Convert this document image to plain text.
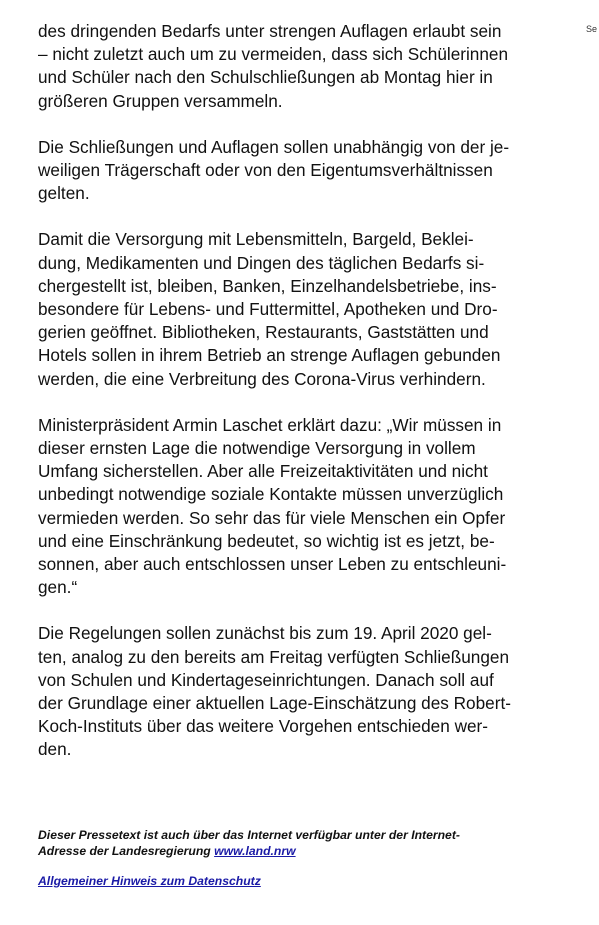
Se

des dringenden Bedarfs unter strengen Auflagen erlaubt sein
– nicht zuletzt auch um zu vermeiden, dass sich Schülerinnen
und Schüler nach den Schulschließungen ab Montag hier in
größeren Gruppen versammeln.

Die Schließungen und Auflagen sollen unabhängig von der je-
weiligen Trägerschaft oder von den Eigentumsverhältnissen
gelten.

Damit die Versorgung mit Lebensmitteln, Bargeld, Beklei-
dung, Medikamenten und Dingen des täglichen Bedarfs si-
chergestellt ist, bleiben, Banken, Einzelhandelsbetriebe, ins-
besondere für Lebens- und Futtermittel, Apotheken und Dro-
gerien geöffnet. Bibliotheken, Restaurants, Gaststätten und
Hotels sollen in ihrem Betrieb an strenge Auflagen gebunden
werden, die eine Verbreitung des Corona-Virus verhindern.

Ministerpräsident Armin Laschet erklärt dazu: „Wir müssen in
dieser ernsten Lage die notwendige Versorgung in vollem
Umfang sicherstellen. Aber alle Freizeitaktivitäten und nicht
unbedingt notwendige soziale Kontakte müssen unverzüglich
vermieden werden. So sehr das für viele Menschen ein Opfer
und eine Einschränkung bedeutet, so wichtig ist es jetzt, be-
sonnen, aber auch entschlossen unser Leben zu entschleuni-
gen.“

Die Regelungen sollen zunächst bis zum 19. April 2020 gel-
ten, analog zu den bereits am Freitag verfügten Schließungen
von Schulen und Kindertageseinrichtungen. Danach soll auf
der Grundlage einer aktuellen Lage-Einschätzung des Robert-
Koch-Instituts über das weitere Vorgehen entschieden wer-
den.

Dieser Pressetext ist auch über das Internet verfügbar unter der Internet-
Adresse der Landesregierung www.land.nrw
Allgemeiner Hinweis zum Datenschutz
